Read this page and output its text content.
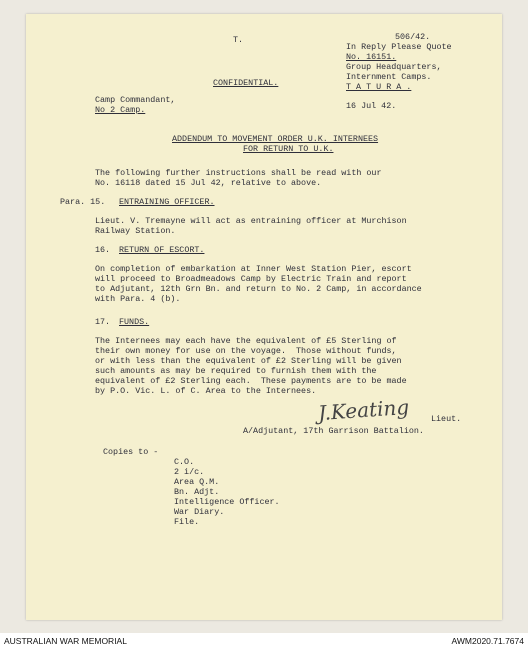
T.	506/42.
In Reply Please Quote
No. 16151.
Group Headquarters,
Internment Camps.
T A T U R A .
CONFIDENTIAL.
Camp Commandant,
No 2 Camp.	16 Jul 42.
ADDENDUM TO MOVEMENT ORDER U.K. INTERNEES
FOR RETURN TO U.K.
The following further instructions shall be read with our
No. 16118 dated 15 Jul 42, relative to above.
Para. 15. ENTRAINING OFFICER.
Lieut. V. Tremayne will act as entraining officer at Murchison
Railway Station.
16. RETURN OF ESCORT.
On completion of embarkation at Inner West Station Pier, escort
will proceed to Broadmeadows Camp by Electric Train and report
to Adjutant, 12th Grn Bn. and return to No. 2 Camp, in accordance
with Para. 4 (b).
17. FUNDS.
The Internees may each have the equivalent of £5 Sterling of
their own money for use on the voyage.  Those without funds,
or with less than the equivalent of £2 Sterling will be given
such amounts as may be required to furnish them with the
equivalent of £2 Sterling each.  These payments are to be made
by P.O. Vic. L. of C. Area to the Internees.
J.Keating	Lieut.
A/Adjutant, 17th Garrison Battalion.
Copies to -
C.O.
2 i/c.
Area Q.M.
Bn. Adjt.
Intelligence Officer.
War Diary.
File.
AUSTRALIAN WAR MEMORIAL	AWM2020.71.7674
